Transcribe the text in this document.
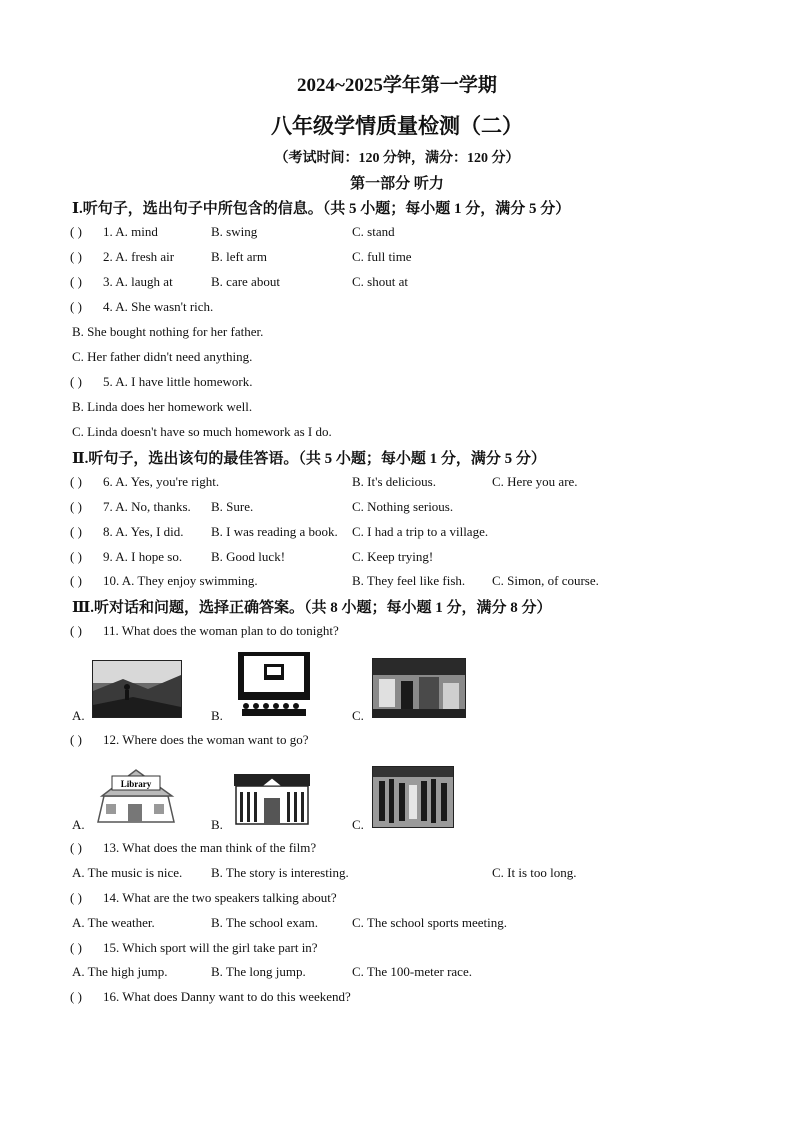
2024~2025学年第一学期
八年级学情质量检测（二）
（考试时间：120 分钟，满分：120 分）
第一部分 听力
Ⅰ.听句子，选出句子中所包含的信息。（共 5 小题；每小题 1 分，满分 5 分）
( ) 1. A. mind	B. swing	C. stand
( ) 2. A. fresh air	B. left arm	C. full time
( ) 3. A. laugh at	B. care about	C. shout at
( ) 4. A. She wasn't rich.
B. She bought nothing for her father.
C. Her father didn't need anything.
( ) 5. A. I have little homework.
B. Linda does her homework well.
C. Linda doesn't have so much homework as I do.
Ⅱ.听句子，选出该句的最佳答语。（共 5 小题；每小题 1 分，满分 5 分）
( ) 6. A. Yes, you're right.	B. It's delicious.	C. Here you are.
( ) 7. A. No, thanks. B. Sure.	C. Nothing serious.
( ) 8. A. Yes, I did. B. I was reading a book. C. I had a trip to a village.
( ) 9. A. I hope so. B. Good luck!	C. Keep trying!
( ) 10. A. They enjoy swimming.	B. They feel like fish. C. Simon, of course.
Ⅲ.听对话和问题，选择正确答案。（共 8 小题；每小题 1 分，满分 8 分）
( ) 11. What does the woman plan to do tonight?
A.	B.	C.
( ) 12. Where does the woman want to go?
A.
Library
B.	C.
( ) 13. What does the man think of the film?
A. The music is nice. B. The story is interesting.	C. It is too long.
( ) 14. What are the two speakers talking about?
A. The weather.	B. The school exam.	C. The school sports meeting.
( ) 15. Which sport will the girl take part in?
A. The high jump.	B. The long jump.	C. The 100-meter race.
( ) 16. What does Danny want to do this weekend?
